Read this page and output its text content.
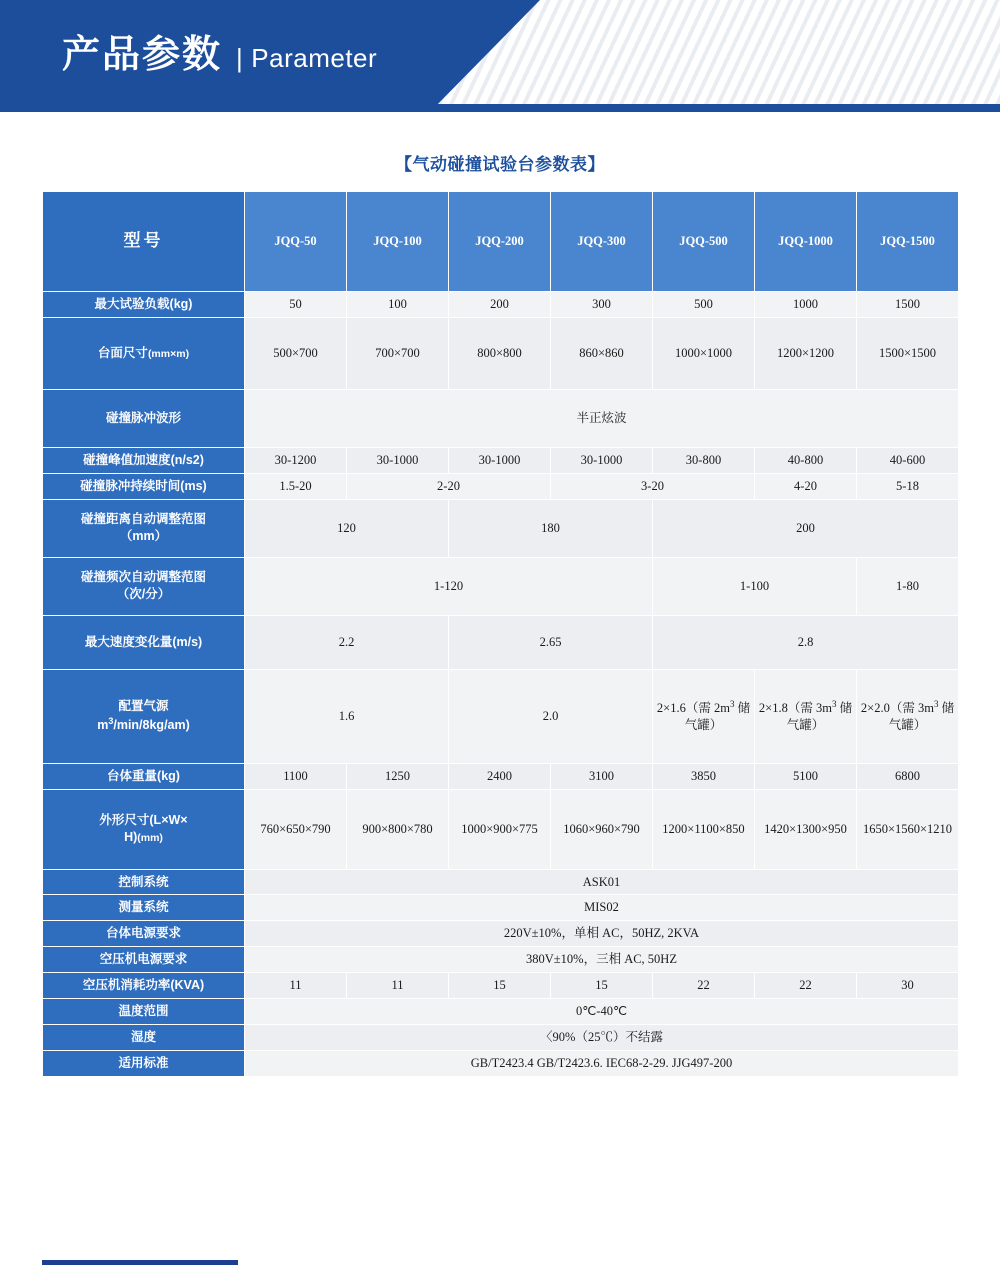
产品参数 | Parameter
【气动碰撞试验台参数表】
型号	JQQ-50	JQQ-100	JQQ-200	JQQ-300	JQQ-500	JQQ-1000	JQQ-1500
最大试验负载(kg)	50	100	200	300	500	1000	1500
台面尺寸(mm×m)	500×700	700×700	800×800	860×860	1000×1000	1200×1200	1500×1500
碰撞脉冲波形	半正炫波						
碰撞峰值加速度(n/s2)	30-1200	30-1000	30-1000	30-1000	30-800	40-800	40-600
碰撞脉冲持续时间(ms)	1.5-20	2-20		3-20		4-20	5-18

碰撞距离自动调整范图
（mm）	120		180		200		

碰撞频次自动调整范图
（次/分）	1-120				1-100		1-80
最大速度变化量(m/s)	2.2		2.65		2.8		

配置气源
$m^3/\min/8kg/am$)	1.6		2.0		2×1.6（需 $2m^3$ 储气罐）	2×1.8（需 $3m^3$ 储气罐）	2×2.0（需 $3m^3$ 储气罐）
台体重量(kg)	1100	1250	2400	3100	3850	5100	6800

外形尺寸(L×W×
H)(mm)	760×650×790	900×800×780	1000×900×775	1060×960×790	1200×1100×850	1420×1300×950	1650×1560×1210
控制系统	ASK01						
测量系统	MIS02						
台体电源要求	220V±10%，单相 AC，50HZ, 2KVA						
空压机电源要求	380V±10%，三相 AC, 50HZ						
空压机消耗功率(KVA)	11	11	15	15	22	22	30
温度范围	0℃-40℃						
湿度	〈90%（25℃）不结露						
适用标准	GB/T2423.4 GB/T2423.6. IEC68-2-29. JJG497-200						
